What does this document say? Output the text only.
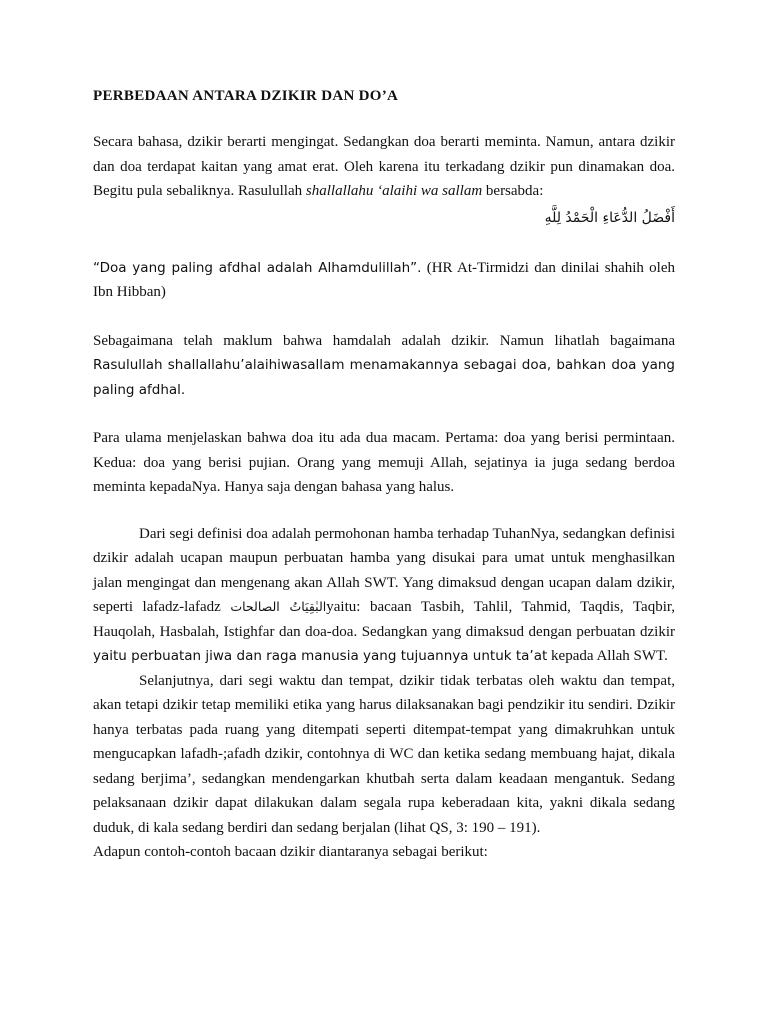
PERBEDAAN ANTARA DZIKIR DAN DO’A

Secara bahasa, dzikir berarti mengingat. Sedangkan doa berarti meminta. Namun, antara dzikir dan doa terdapat kaitan yang amat erat. Oleh karena itu terkadang dzikir pun dinamakan doa. Begitu pula sebaliknya. Rasulullah shallallahu ‘alaihi wa sallam bersabda:

أَفْضَلُ الدُّعَاءِ الْحَمْدُ لِلَّهِ

“Doa yang paling afdhal adalah Alhamdulillah”. (HR At-Tirmidzi dan dinilai shahih oleh Ibn Hibban)

Sebagaimana telah maklum bahwa hamdalah adalah dzikir. Namun lihatlah bagaimana Rasulullah shallallahu’alaihiwasallam menamakannya sebagai doa, bahkan doa yang paling afdhal.

Para ulama menjelaskan bahwa doa itu ada dua macam. Pertama: doa yang berisi permintaan. Kedua: doa yang berisi pujian. Orang yang memuji Allah, sejatinya ia juga sedang berdoa meminta kepadaNya. Hanya saja dengan bahasa yang halus.

Dari segi definisi doa adalah permohonan hamba terhadap TuhanNya, sedangkan definisi dzikir adalah ucapan maupun perbuatan hamba yang disukai para umat untuk menghasilkan jalan mengingat dan mengenang akan Allah SWT. Yang dimaksud dengan ucapan dalam dzikir, seperti lafadz-lafadz البٰقِيَاتُ الصالحاتyaitu: bacaan Tasbih, Tahlil, Tahmid, Taqdis, Taqbir, Hauqolah, Hasbalah, Istighfar dan doa-doa. Sedangkan yang dimaksud dengan perbuatan dzikir yaitu perbuatan jiwa dan raga manusia yang tujuannya untuk ta’at kepada Allah SWT.

Selanjutnya, dari segi waktu dan tempat, dzikir tidak terbatas oleh waktu dan tempat, akan tetapi dzikir tetap memiliki etika yang harus dilaksanakan bagi pendzikir itu sendiri. Dzikir hanya terbatas pada ruang yang ditempati seperti ditempat-tempat yang dimakruhkan untuk mengucapkan lafadh-;afadh dzikir, contohnya di WC dan ketika sedang membuang hajat, dikala sedang berjima’, sedangkan mendengarkan khutbah serta dalam keadaan mengantuk. Sedang pelaksanaan dzikir dapat dilakukan dalam segala rupa keberadaan kita, yakni dikala sedang duduk, di kala sedang berdiri dan sedang berjalan (lihat QS, 3: 190 – 191).

Adapun contoh-contoh bacaan dzikir diantaranya sebagai berikut:
